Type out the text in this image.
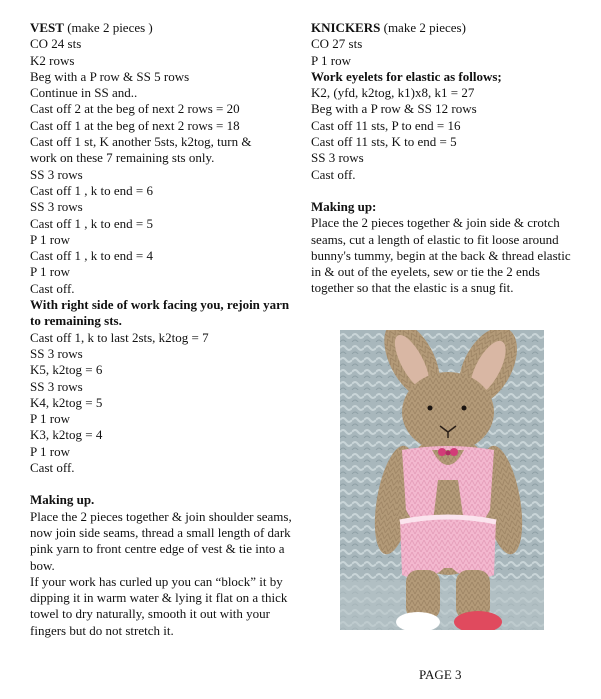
VEST (make 2 pieces )
CO 24 sts
K2 rows
Beg with a P row & SS 5 rows
Continue in SS and..
Cast off 2 at the beg of next 2 rows = 20
Cast off 1 at the beg of next 2 rows = 18
Cast off 1 st, K another 5sts, k2tog, turn &
work on these 7 remaining sts only.
SS 3 rows
Cast off 1 , k to end = 6
SS 3 rows
Cast off 1 , k to end = 5
P 1 row
Cast off 1 , k to end = 4
P 1 row
Cast off.
With right side of work facing you, rejoin yarn to remaining sts.
Cast off 1, k to last 2sts, k2tog = 7
SS 3 rows
K5, k2tog = 6
SS 3 rows
K4, k2tog = 5
P 1 row
K3, k2tog = 4
P 1 row
Cast off.
Making up.
Place the 2 pieces together & join shoulder seams, now join side seams, thread a small length of dark pink yarn to front centre edge of vest & tie into a bow.
If your work has curled up you can “block” it by dipping it in warm water & lying it flat on a thick towel to dry naturally, smooth it out with your fingers but do not stretch it.
KNICKERS (make 2 pieces)
CO 27 sts
P 1 row
Work eyelets for elastic as follows;
K2, (yfd, k2tog, k1)x8, k1 = 27
Beg with a P row & SS 12 rows
Cast off 11 sts, P to end = 16
Cast off 11 sts, K to end = 5
SS 3 rows
Cast off.
Making up:
Place the 2 pieces together & join side & crotch seams, cut a length of elastic to fit loose around bunny's tummy, begin at the back & thread elastic in & out of the eyelets, sew or tie the 2 ends together so that the elastic is a snug fit.
PAGE 3
